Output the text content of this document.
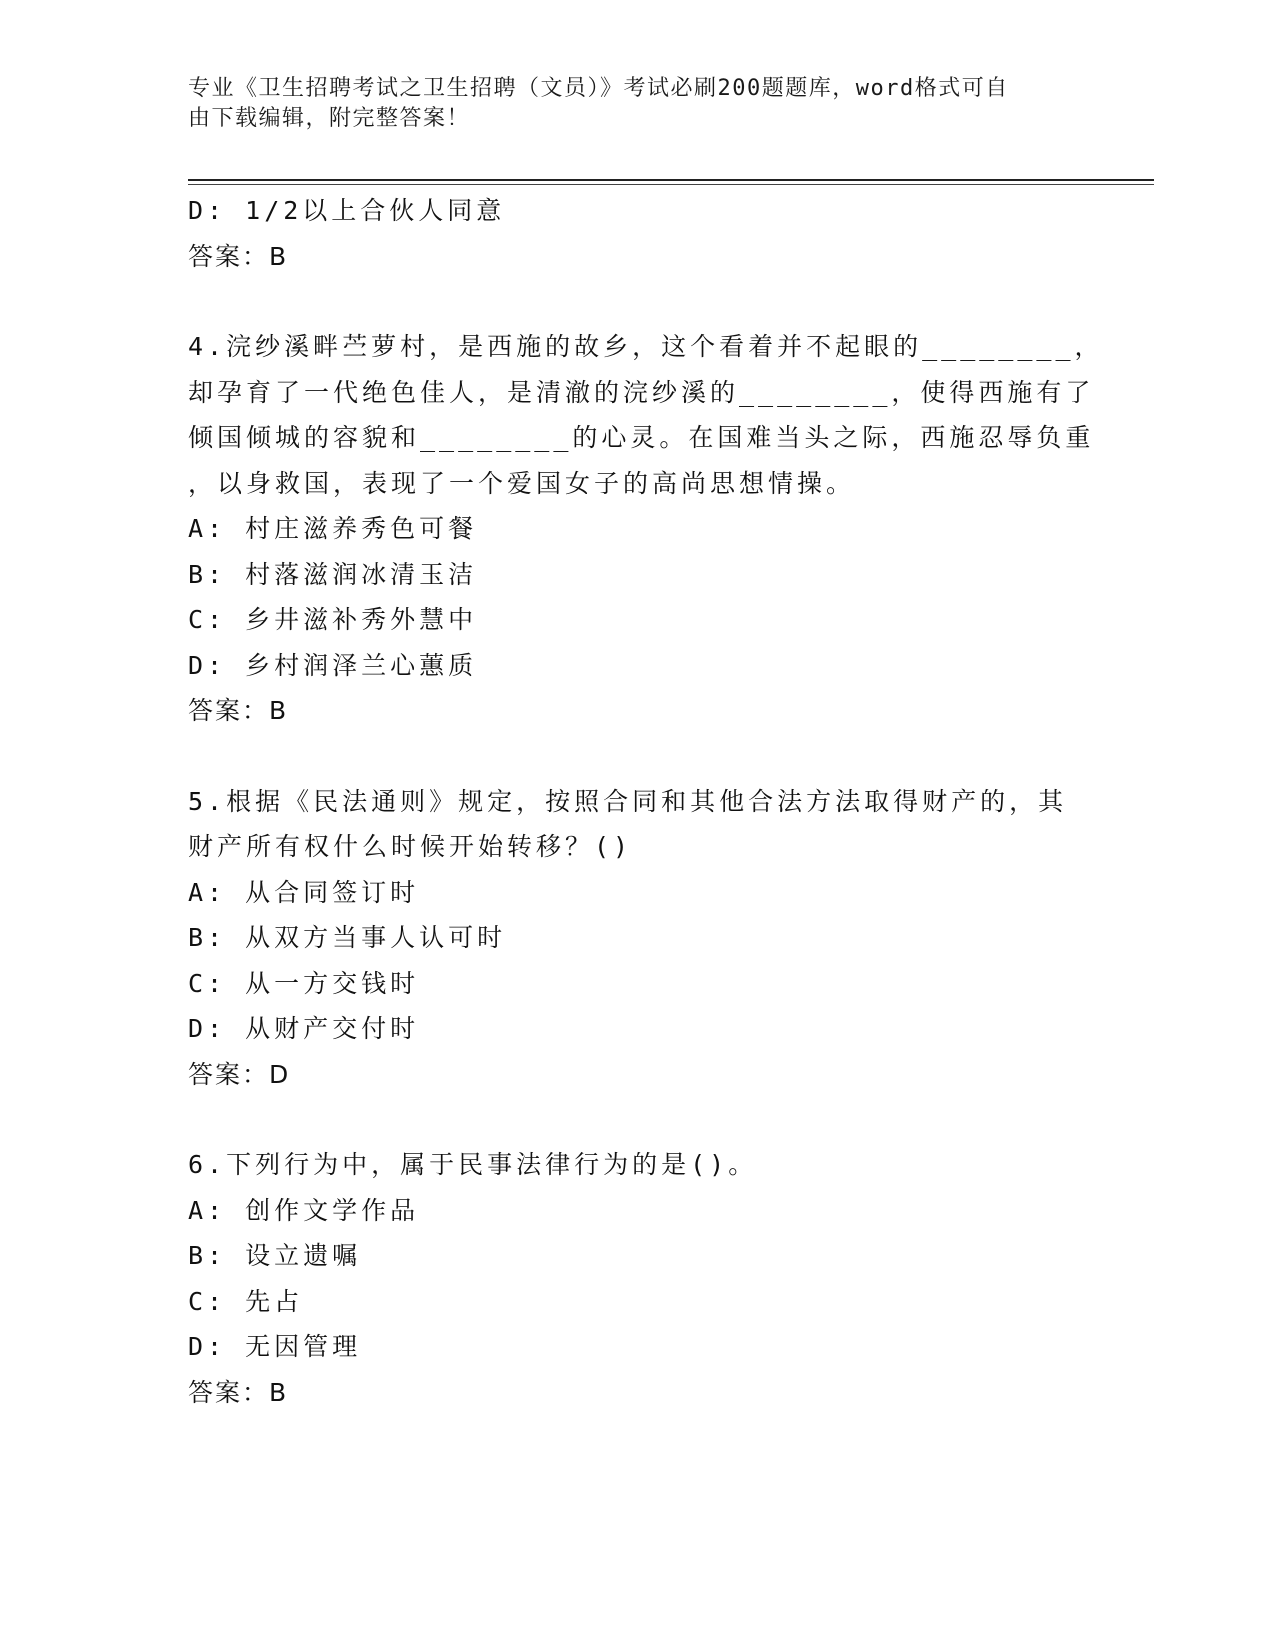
专业《卫生招聘考试之卫生招聘（文员）》考试必刷200题题库，word格式可自
由下载编辑，附完整答案！
D: 1/2以上合伙人同意
答案：B
4.浣纱溪畔苎萝村，是西施的故乡，这个看着并不起眼的________，
却孕育了一代绝色佳人，是清澈的浣纱溪的________，使得西施有了
倾国倾城的容貌和________的心灵。在国难当头之际，西施忍辱负重
，以身救国，表现了一个爱国女子的高尚思想情操。
A: 村庄滋养秀色可餐
B: 村落滋润冰清玉洁
C: 乡井滋补秀外慧中
D: 乡村润泽兰心蕙质
答案：B
5.根据《民法通则》规定，按照合同和其他合法方法取得财产的，其
财产所有权什么时候开始转移？()
A: 从合同签订时
B: 从双方当事人认可时
C: 从一方交钱时
D: 从财产交付时
答案：D
6.下列行为中，属于民事法律行为的是()。
A: 创作文学作品
B: 设立遗嘱
C: 先占
D: 无因管理
答案：B
